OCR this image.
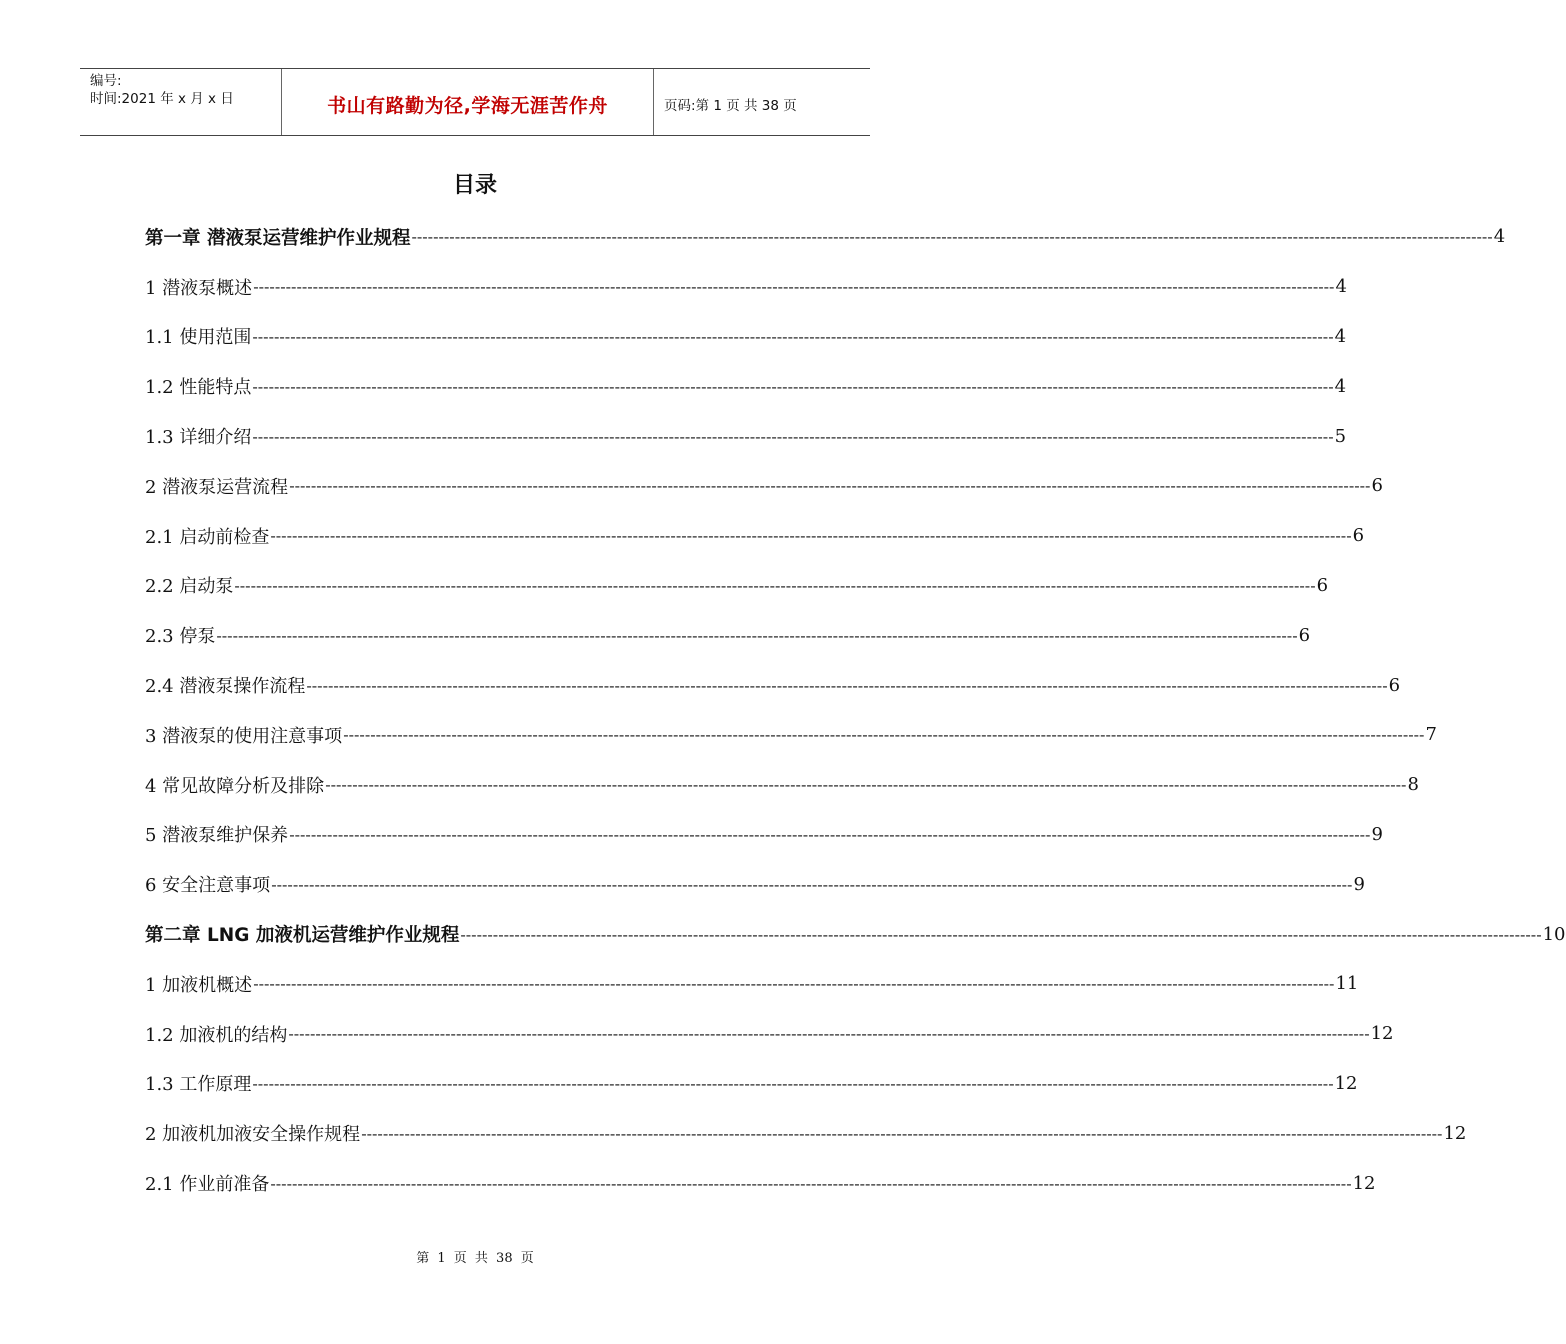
编号:
时间:2021 年 x 月 x 日	书山有路勤为径,学海无涯苦作舟	页码:第 1 页 共 38 页
目录
第一章 潜液泵运营维护作业规程 -------------------------------------------------------------------------------------------------------------------------------------------------------------------------------------------------------- 4
1 潜液泵概述 -------------------------------------------------------------------------------------------------------------------------------------------------------------------------------------------------------- 4
1.1 使用范围 -------------------------------------------------------------------------------------------------------------------------------------------------------------------------------------------------------- 4
1.2 性能特点 -------------------------------------------------------------------------------------------------------------------------------------------------------------------------------------------------------- 4
1.3 详细介绍 -------------------------------------------------------------------------------------------------------------------------------------------------------------------------------------------------------- 5
2 潜液泵运营流程 -------------------------------------------------------------------------------------------------------------------------------------------------------------------------------------------------------- 6
2.1 启动前检查 -------------------------------------------------------------------------------------------------------------------------------------------------------------------------------------------------------- 6
2.2 启动泵 -------------------------------------------------------------------------------------------------------------------------------------------------------------------------------------------------------- 6
2.3 停泵 -------------------------------------------------------------------------------------------------------------------------------------------------------------------------------------------------------- 6
2.4 潜液泵操作流程 -------------------------------------------------------------------------------------------------------------------------------------------------------------------------------------------------------- 6
3 潜液泵的使用注意事项 -------------------------------------------------------------------------------------------------------------------------------------------------------------------------------------------------------- 7
4 常见故障分析及排除 -------------------------------------------------------------------------------------------------------------------------------------------------------------------------------------------------------- 8
5 潜液泵维护保养 -------------------------------------------------------------------------------------------------------------------------------------------------------------------------------------------------------- 9
6 安全注意事项 -------------------------------------------------------------------------------------------------------------------------------------------------------------------------------------------------------- 9
第二章 LNG 加液机运营维护作业规程 -------------------------------------------------------------------------------------------------------------------------------------------------------------------------------------------------------- 10
1 加液机概述 -------------------------------------------------------------------------------------------------------------------------------------------------------------------------------------------------------- 11
1.2 加液机的结构 -------------------------------------------------------------------------------------------------------------------------------------------------------------------------------------------------------- 12
1.3 工作原理 -------------------------------------------------------------------------------------------------------------------------------------------------------------------------------------------------------- 12
2 加液机加液安全操作规程 -------------------------------------------------------------------------------------------------------------------------------------------------------------------------------------------------------- 12
2.1 作业前准备 -------------------------------------------------------------------------------------------------------------------------------------------------------------------------------------------------------- 12
第 1 页 共 38 页
